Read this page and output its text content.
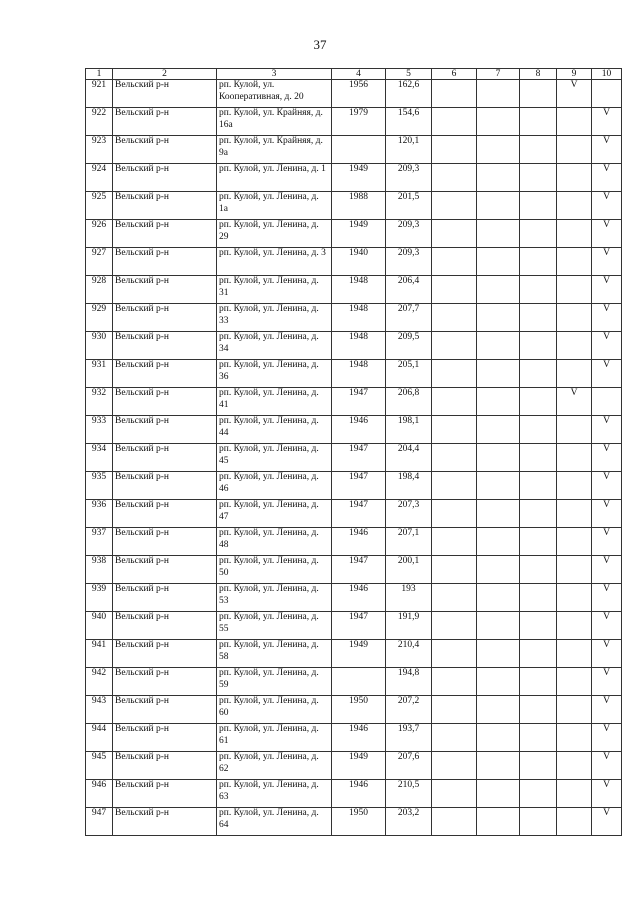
37
1	2	3	4	5	6	7	8	9	10
921	Вельский р-н	рп. Кулой, ул. Кооперативная, д. 20	1956	162,6				V	
922	Вельский р-н	рп. Кулой, ул. Крайняя, д. 16а	1979	154,6					V
923	Вельский р-н	рп. Кулой, ул. Крайняя, д. 9а		120,1					V
924	Вельский р-н	рп. Кулой, ул. Ленина, д. 1	1949	209,3					V
925	Вельский р-н	рп. Кулой, ул. Ленина, д. 1а	1988	201,5					V
926	Вельский р-н	рп. Кулой, ул. Ленина, д. 29	1949	209,3					V
927	Вельский р-н	рп. Кулой, ул. Ленина, д. 3	1940	209,3					V
928	Вельский р-н	рп. Кулой, ул. Ленина, д. 31	1948	206,4					V
929	Вельский р-н	рп. Кулой, ул. Ленина, д. 33	1948	207,7					V
930	Вельский р-н	рп. Кулой, ул. Ленина, д. 34	1948	209,5					V
931	Вельский р-н	рп. Кулой, ул. Ленина, д. 36	1948	205,1					V
932	Вельский р-н	рп. Кулой, ул. Ленина, д. 41	1947	206,8				V	
933	Вельский р-н	рп. Кулой, ул. Ленина, д. 44	1946	198,1					V
934	Вельский р-н	рп. Кулой, ул. Ленина, д. 45	1947	204,4					V
935	Вельский р-н	рп. Кулой, ул. Ленина, д. 46	1947	198,4					V
936	Вельский р-н	рп. Кулой, ул. Ленина, д. 47	1947	207,3					V
937	Вельский р-н	рп. Кулой, ул. Ленина, д. 48	1946	207,1					V
938	Вельский р-н	рп. Кулой, ул. Ленина, д. 50	1947	200,1					V
939	Вельский р-н	рп. Кулой, ул. Ленина, д. 53	1946	193					V
940	Вельский р-н	рп. Кулой, ул. Ленина, д. 55	1947	191,9					V
941	Вельский р-н	рп. Кулой, ул. Ленина, д. 58	1949	210,4					V
942	Вельский р-н	рп. Кулой, ул. Ленина, д. 59		194,8					V
943	Вельский р-н	рп. Кулой, ул. Ленина, д. 60	1950	207,2					V
944	Вельский р-н	рп. Кулой, ул. Ленина, д. 61	1946	193,7					V
945	Вельский р-н	рп. Кулой, ул. Ленина, д. 62	1949	207,6					V
946	Вельский р-н	рп. Кулой, ул. Ленина, д. 63	1946	210,5					V
947	Вельский р-н	рп. Кулой, ул. Ленина, д. 64	1950	203,2					V
